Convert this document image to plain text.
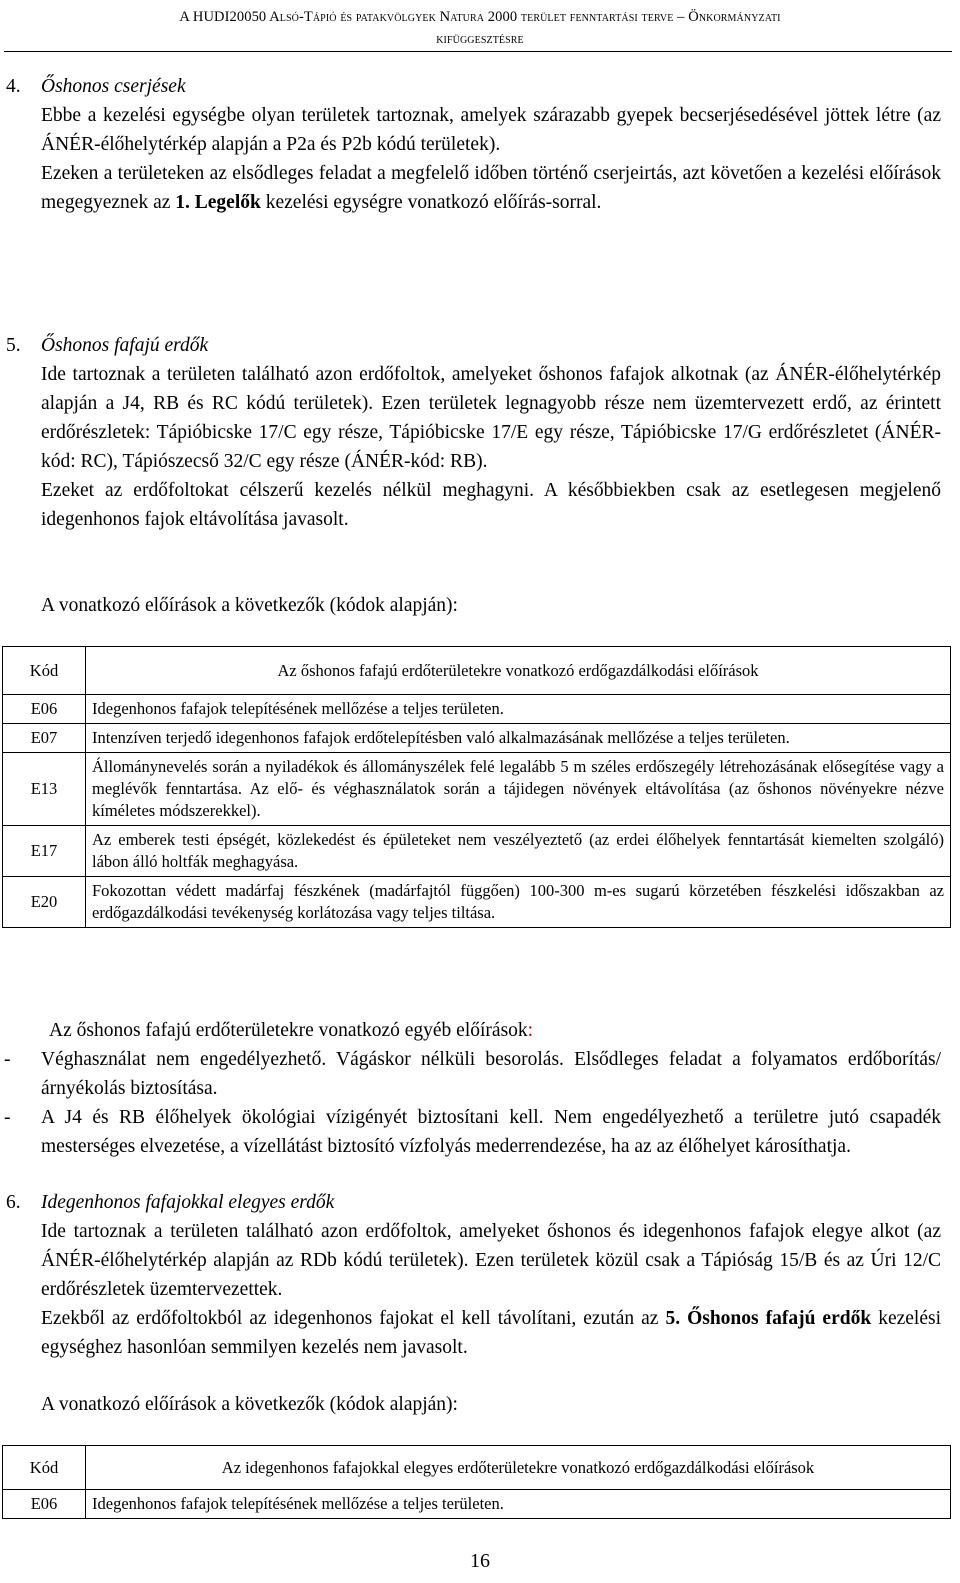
A HUDI20050 Alsó-Tápió és patakvölgyek Natura 2000 terület fenntartási terve – Önkormányzati
kifüggesztésre

4. Őshonos cserjések

Ebbe a kezelési egységbe olyan területek tartoznak, amelyek szárazabb gyepek becserjésedésével jöttek létre (az ÁNÉR-élőhelytérkép alapján a P2a és P2b kódú területek).

Ezeken a területeken az elsődleges feladat a megfelelő időben történő cserjeirtás, azt követően a kezelési előírások megegyeznek az 1. Legelők kezelési egységre vonatkozó előírás-sorral.

5. Őshonos fafajú erdők

Ide tartoznak a területen található azon erdőfoltok, amelyeket őshonos fafajok alkotnak (az ÁNÉR-élőhelytérkép alapján a J4, RB és RC kódú területek). Ezen területek legnagyobb része nem üzemtervezett erdő, az érintett erdőrészletek: Tápióbicske 17/C egy része, Tápióbicske 17/E egy része, Tápióbicske 17/G erdőrészletet (ÁNÉR-kód: RC), Tápiószecső 32/C egy része (ÁNÉR-kód: RB).

Ezeket az erdőfoltokat célszerű kezelés nélkül meghagyni. A későbbiekben csak az esetlegesen megjelenő idegenhonos fajok eltávolítása javasolt.

A vonatkozó előírások a következők (kódok alapján):
Kód	Az őshonos fafajú erdőterületekre vonatkozó erdőgazdálkodási előírások
E06	Idegenhonos fafajok telepítésének mellőzése a teljes területen.
E07	Intenzíven terjedő idegenhonos fafajok erdőtelepítésben való alkalmazásának mellőzése a teljes területen.
E13	Állománynevelés során a nyiladékok és állományszélek felé legalább 5 m széles erdőszegély létrehozásának elősegítése vagy a meglévők fenntartása. Az elő- és véghasználatok során a tájidegen növények eltávolítása (az őshonos növényekre nézve kíméletes módszerekkel).
E17	Az emberek testi épségét, közlekedést és épületeket nem veszélyeztető (az erdei élőhelyek fenntartását kiemelten szolgáló) lábon álló holtfák meghagyása.
E20	Fokozottan védett madárfaj fészkének (madárfajtól függően) 100-300 m-es sugarú körzetében fészkelési időszakban az erdőgazdálkodási tevékenység korlátozása vagy teljes tiltása.

Az őshonos fafajú erdőterületekre vonatkozó egyéb előírások:

- Véghasználat nem engedélyezhető. Vágáskor nélküli besorolás. Elsődleges feladat a folyamatos erdőborítás/árnyékolás biztosítása.
- A J4 és RB élőhelyek ökológiai vízigényét biztosítani kell. Nem engedélyezhető a területre jutó csapadék mesterséges elvezetése, a vízellátást biztosító vízfolyás mederrendezése, ha az az élőhelyet károsíthatja.

6. Idegenhonos fafajokkal elegyes erdők

Ide tartoznak a területen található azon erdőfoltok, amelyeket őshonos és idegenhonos fafajok elegye alkot (az ÁNÉR-élőhelytérkép alapján az RDb kódú területek). Ezen területek közül csak a Tápióság 15/B és az Úri 12/C erdőrészletek üzemtervezettek.

Ezekből az erdőfoltokból az idegenhonos fajokat el kell távolítani, ezután az 5. Őshonos fafajú erdők kezelési egységhez hasonlóan semmilyen kezelés nem javasolt.

A vonatkozó előírások a következők (kódok alapján):
Kód	Az idegenhonos fafajokkal elegyes erdőterületekre vonatkozó erdőgazdálkodási előírások
E06	Idegenhonos fafajok telepítésének mellőzése a teljes területen.
16
